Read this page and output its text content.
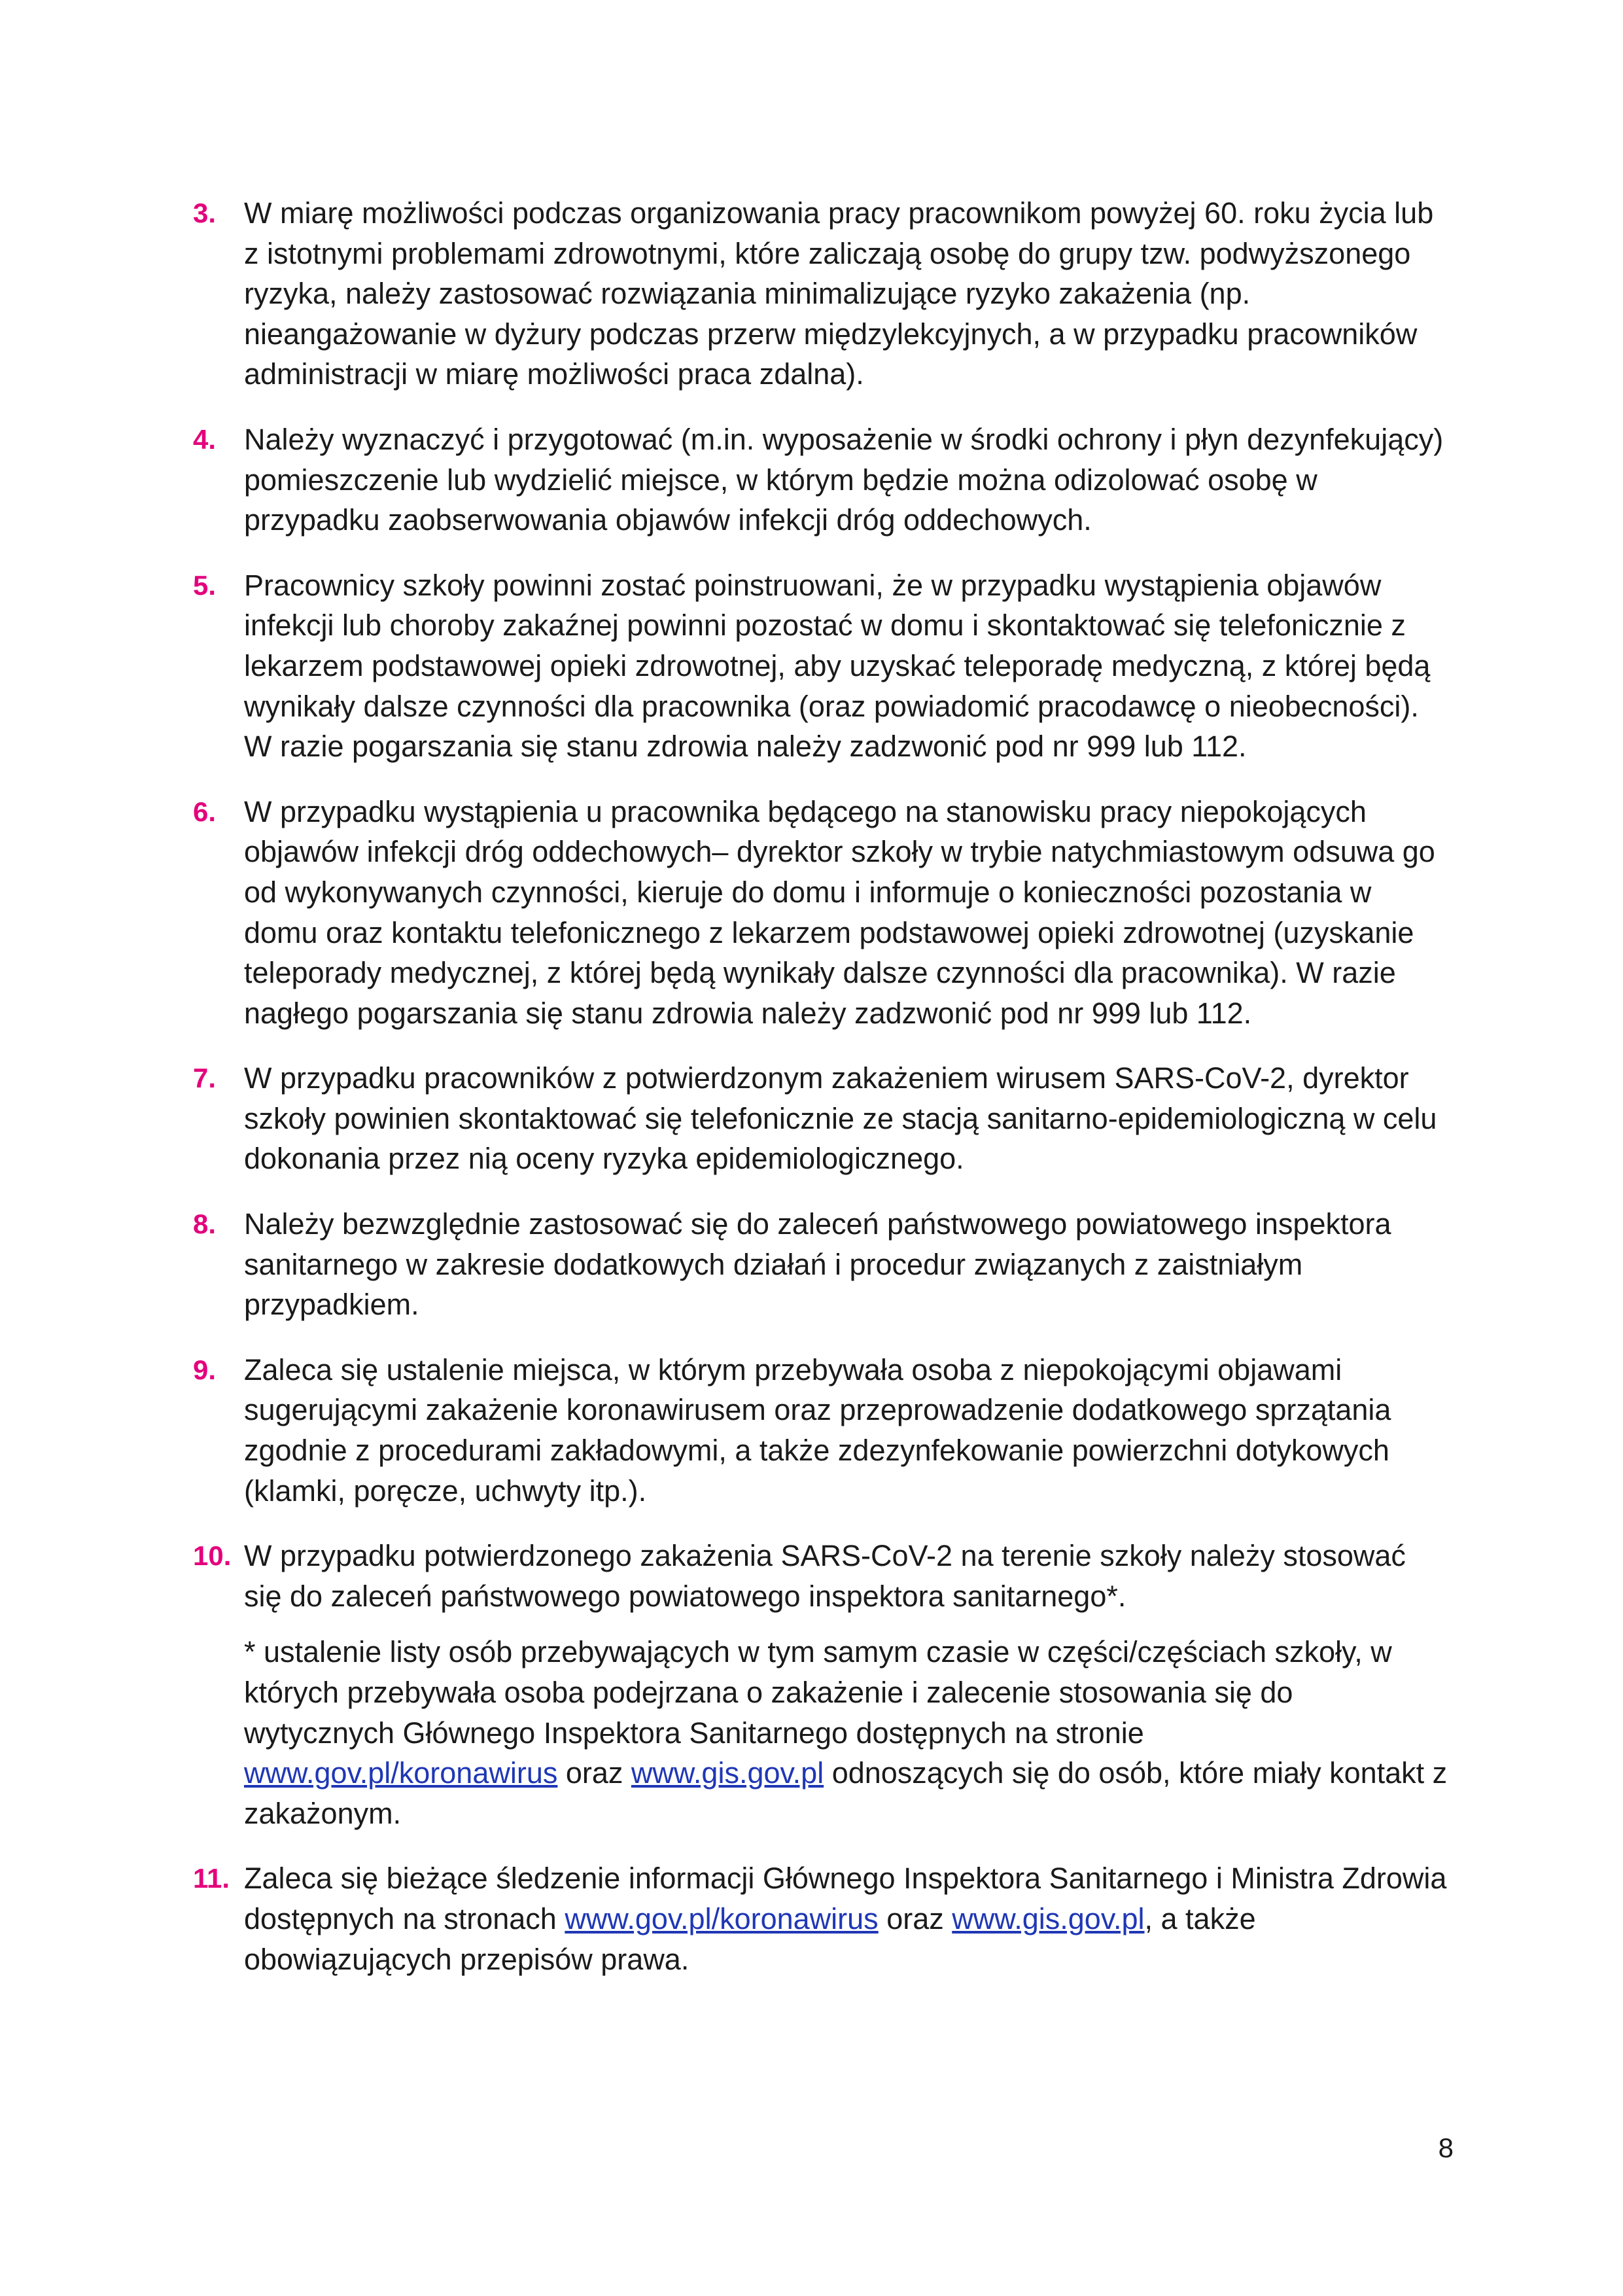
3. W miarę możliwości podczas organizowania pracy pracownikom powyżej 60. roku życia lub z istotnymi problemami zdrowotnymi, które zaliczają osobę do grupy tzw. podwyższonego ryzyka, należy zastosować rozwiązania minimalizujące ryzyko zakażenia (np. nieangażowanie w dyżury podczas przerw międzylekcyjnych, a w przypadku pracowników administracji w miarę możliwości praca zdalna).
4. Należy wyznaczyć i przygotować (m.in. wyposażenie w środki ochrony i płyn dezynfekujący) pomieszczenie lub wydzielić miejsce, w którym będzie można odizolować osobę w przypadku zaobserwowania objawów infekcji dróg oddechowych.
5. Pracownicy szkoły powinni zostać poinstruowani, że w przypadku wystąpienia objawów infekcji lub choroby zakaźnej powinni pozostać w domu i skontaktować się telefonicznie z lekarzem podstawowej opieki zdrowotnej, aby uzyskać teleporadę medyczną, z której będą wynikały dalsze czynności dla pracownika (oraz powiadomić pracodawcę o nieobecności). W razie pogarszania się stanu zdrowia należy zadzwonić pod nr 999 lub 112.
6. W przypadku wystąpienia u pracownika będącego na stanowisku pracy niepokojących objawów infekcji dróg oddechowych– dyrektor szkoły w trybie natychmiastowym odsuwa go od wykonywanych czynności, kieruje do domu i informuje o konieczności pozostania w domu oraz kontaktu telefonicznego z lekarzem podstawowej opieki zdrowotnej (uzyskanie teleporady medycznej, z której będą wynikały dalsze czynności dla pracownika). W razie nagłego pogarszania się stanu zdrowia należy zadzwonić pod nr 999 lub 112.
7. W przypadku pracowników z potwierdzonym zakażeniem wirusem SARS-CoV-2, dyrektor szkoły powinien skontaktować się telefonicznie ze stacją sanitarno-epidemiologiczną w celu dokonania przez nią oceny ryzyka epidemiologicznego.
8. Należy bezwzględnie zastosować się do zaleceń państwowego powiatowego inspektora sanitarnego w zakresie dodatkowych działań i procedur związanych z zaistniałym przypadkiem.
9. Zaleca się ustalenie miejsca, w którym przebywała osoba z niepokojącymi objawami sugerującymi zakażenie koronawirusem oraz przeprowadzenie dodatkowego sprzątania zgodnie z procedurami zakładowymi, a także zdezynfekowanie powierzchni dotykowych (klamki, poręcze, uchwyty itp.).
10. W przypadku potwierdzonego zakażenia SARS-CoV-2 na terenie szkoły należy stosować się do zaleceń państwowego powiatowego inspektora sanitarnego*.
* ustalenie listy osób przebywających w tym samym czasie w części/częściach szkoły, w których przebywała osoba podejrzana o zakażenie i zalecenie stosowania się do wytycznych Głównego Inspektora Sanitarnego dostępnych na stronie www.gov.pl/koronawirus oraz www.gis.gov.pl odnoszących się do osób, które miały kontakt z zakażonym.
11. Zaleca się bieżące śledzenie informacji Głównego Inspektora Sanitarnego i Ministra Zdrowia dostępnych na stronach www.gov.pl/koronawirus oraz www.gis.gov.pl, a także obowiązujących przepisów prawa.
8
